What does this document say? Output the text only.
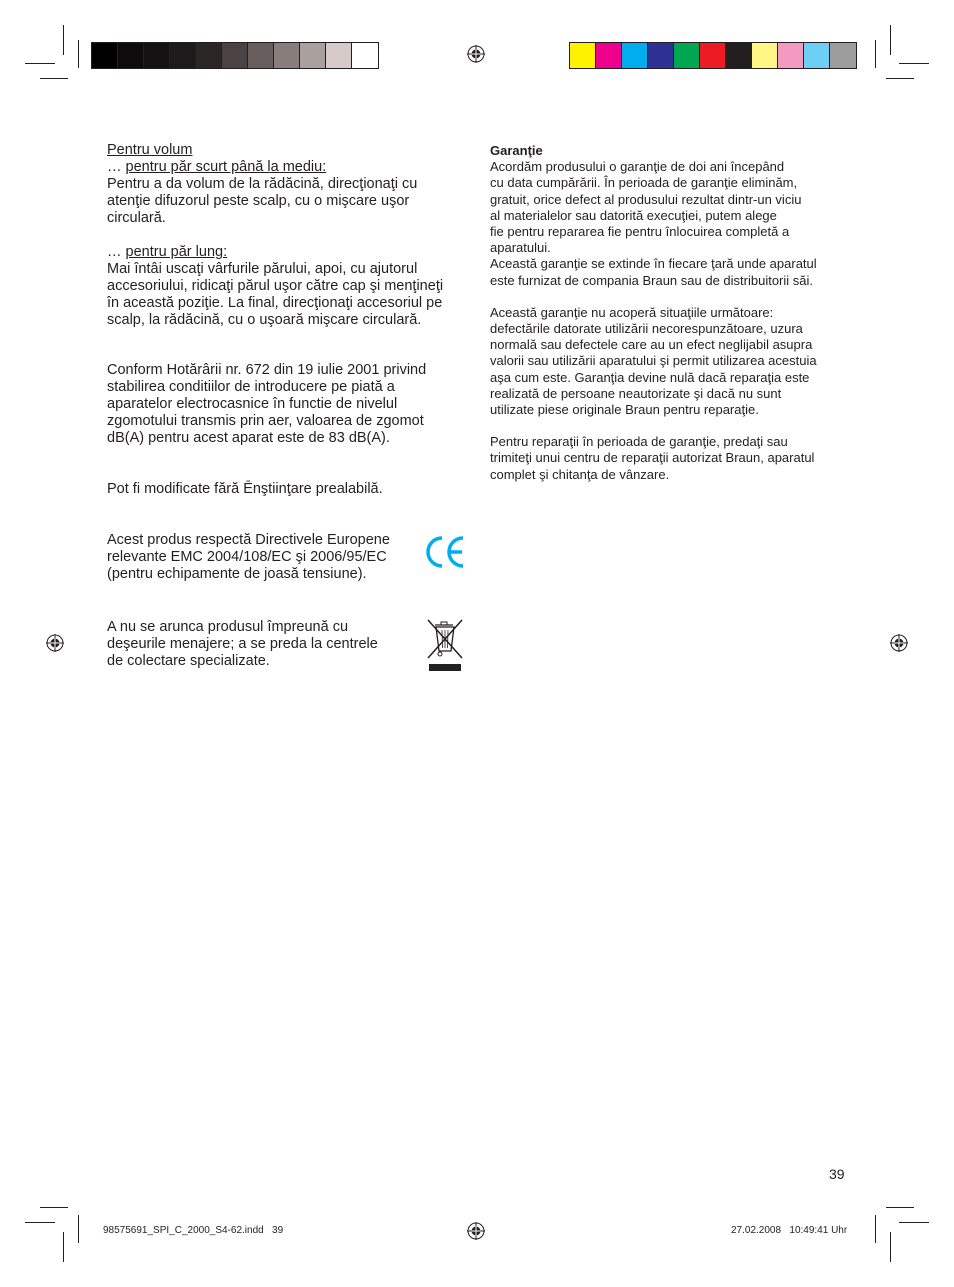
Pentru volum

… pentru păr scurt până la mediu:

Pentru a da volum de la rădăcină, direcţionaţi cu
atenţie difuzorul peste scalp, cu o mişcare uşor
circulară.

… pentru păr lung:

Mai întâi uscaţi vârfurile părului, apoi, cu ajutorul
accesoriului, ridicaţi părul uşor către cap şi menţineţi
în această poziţie. La final, direcţionaţi accesoriul pe
scalp, la rădăcină, cu o uşoară mişcare circulară.

Conform Hotărârii nr. 672 din 19 iulie 2001 privind
stabilirea conditiilor de introducere pe piată a
aparatelor electrocasnice în functie de nivelul
zgomotului transmis prin aer, valoarea de zgomot
dB(A) pentru acest aparat este de 83 dB(A).

Pot fi modificate fără Ēnştiinţare prealabilă.

Acest produs respectă Directivele Europene
relevante EMC 2004/108/EC şi 2006/95/EC
(pentru echipamente de joasă tensiune).

A nu se arunca produsul împreună cu
deşeurile menajere; a se preda la centrele
de colectare specializate.

Garanţie

Acordăm produsului o garanţie de doi ani începând
cu data cumpărării. În perioada de garanţie eliminăm,
gratuit, orice defect al produsului rezultat dintr-un viciu
al materialelor sau datorită execuţiei, putem alege
fie pentru repararea fie pentru înlocuirea completă a
aparatului.
Această garanţie se extinde în fiecare ţară unde aparatul
este furnizat de compania Braun sau de distribuitorii săi.

Această garanţie nu acoperă situaţiile următoare:
defectările datorate utilizării necorespunzătoare, uzura
normală sau defectele care au un efect neglijabil asupra
valorii sau utilizării aparatului şi permit utilizarea acestuia
aşa cum este. Garanţia devine nulă dacă reparaţia este
realizată de persoane neautorizate şi dacă nu sunt
utilizate piese originale Braun pentru reparaţie.

Pentru reparaţii în perioada de garanţie, predaţi sau
trimiteţi unui centru de reparaţii autorizat Braun, aparatul
complet şi chitanţa de vânzare.

39
98575691_SPI_C_2000_S4-62.indd   39	27.02.2008   10:49:41 Uhr
